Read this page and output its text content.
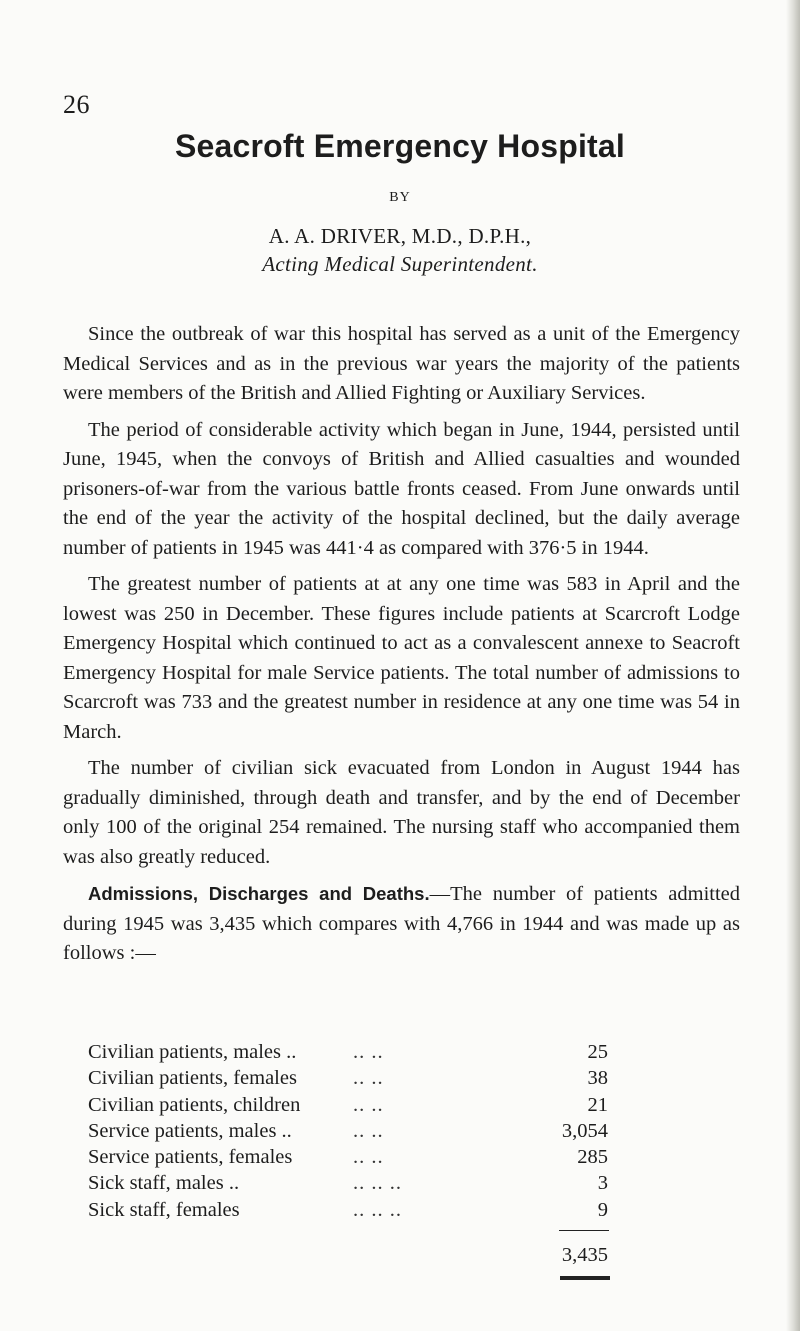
26
Seacroft Emergency Hospital
BY
A. A. DRIVER, M.D., D.P.H.,
Acting Medical Superintendent.

Since the outbreak of war this hospital has served as a unit of the Emergency Medical Services and as in the previous war years the majority of the patients were members of the British and Allied Fighting or Auxiliary Services.

The period of considerable activity which began in June, 1944, persisted until June, 1945, when the convoys of British and Allied casualties and wounded prisoners-of-war from the various battle fronts ceased. From June onwards until the end of the year the activity of the hospital declined, but the daily average number of patients in 1945 was 441·4 as compared with 376·5 in 1944.

The greatest number of patients at at any one time was 583 in April and the lowest was 250 in December. These figures include patients at Scarcroft Lodge Emergency Hospital which continued to act as a convalescent annexe to Seacroft Emergency Hospital for male Service patients. The total number of admissions to Scarcroft was 733 and the greatest number in residence at any one time was 54 in March.

The number of civilian sick evacuated from London in August 1944 has gradually diminished, through death and transfer, and by the end of December only 100 of the original 254 remained. The nursing staff who accompanied them was also greatly reduced.

Admissions, Discharges and Deaths.—The number of patients admitted during 1945 was 3,435 which compares with 4,766 in 1944 and was made up as follows :—

Civilian patients, males ..	.. ..	25
Civilian patients, females	.. ..	38
Civilian patients, children	.. ..	21
Service patients, males ..	.. ..	3,054
Service patients, females	.. ..	285
Sick staff, males ..	.. .. ..	3
Sick staff, females	.. .. ..	9
3,435
